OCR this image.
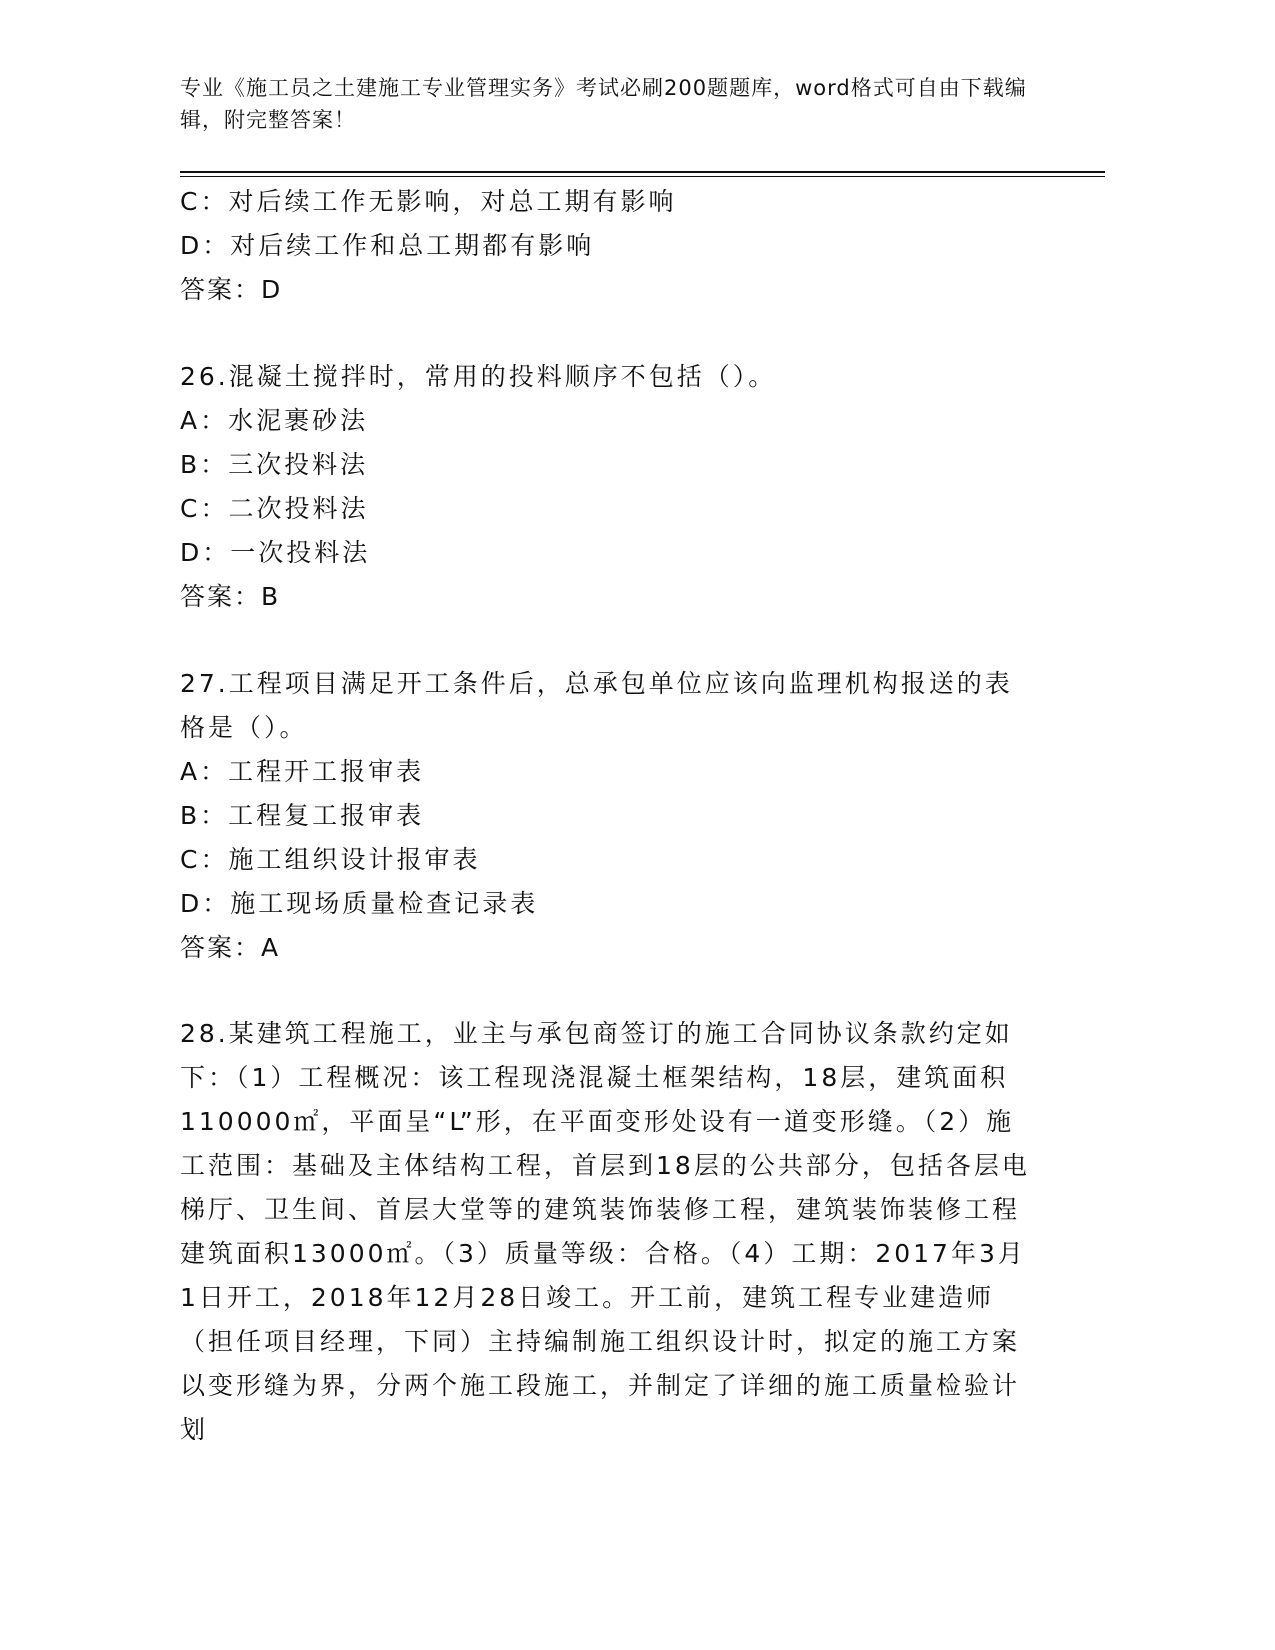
专业《施工员之土建施工专业管理实务》考试必刷200题题库，word格式可自由下载编辑，附完整答案！
C：对后续工作无影响，对总工期有影响
D：对后续工作和总工期都有影响
答案：D
26.混凝土搅拌时，常用的投料顺序不包括（）。
A：水泥裹砂法
B：三次投料法
C：二次投料法
D：一次投料法
答案：B
27.工程项目满足开工条件后，总承包单位应该向监理机构报送的表格是（）。
A：工程开工报审表
B：工程复工报审表
C：施工组织设计报审表
D：施工现场质量检查记录表
答案：A
28.某建筑工程施工，业主与承包商签订的施工合同协议条款约定如下：（1）工程概况：该工程现浇混凝土框架结构，18层，建筑面积110000㎡，平面呈“L”形，在平面变形处设有一道变形缝。（2）施工范围：基础及主体结构工程，首层到18层的公共部分，包括各层电梯厅、卫生间、首层大堂等的建筑装饰装修工程，建筑装饰装修工程建筑面积13000㎡。（3）质量等级：合格。（4）工期：2017年3月1日开工，2018年12月28日竣工。开工前，建筑工程专业建造师（担任项目经理，下同）主持编制施工组织设计时，拟定的施工方案以变形缝为界，分两个施工段施工，并制定了详细的施工质量检验计划
